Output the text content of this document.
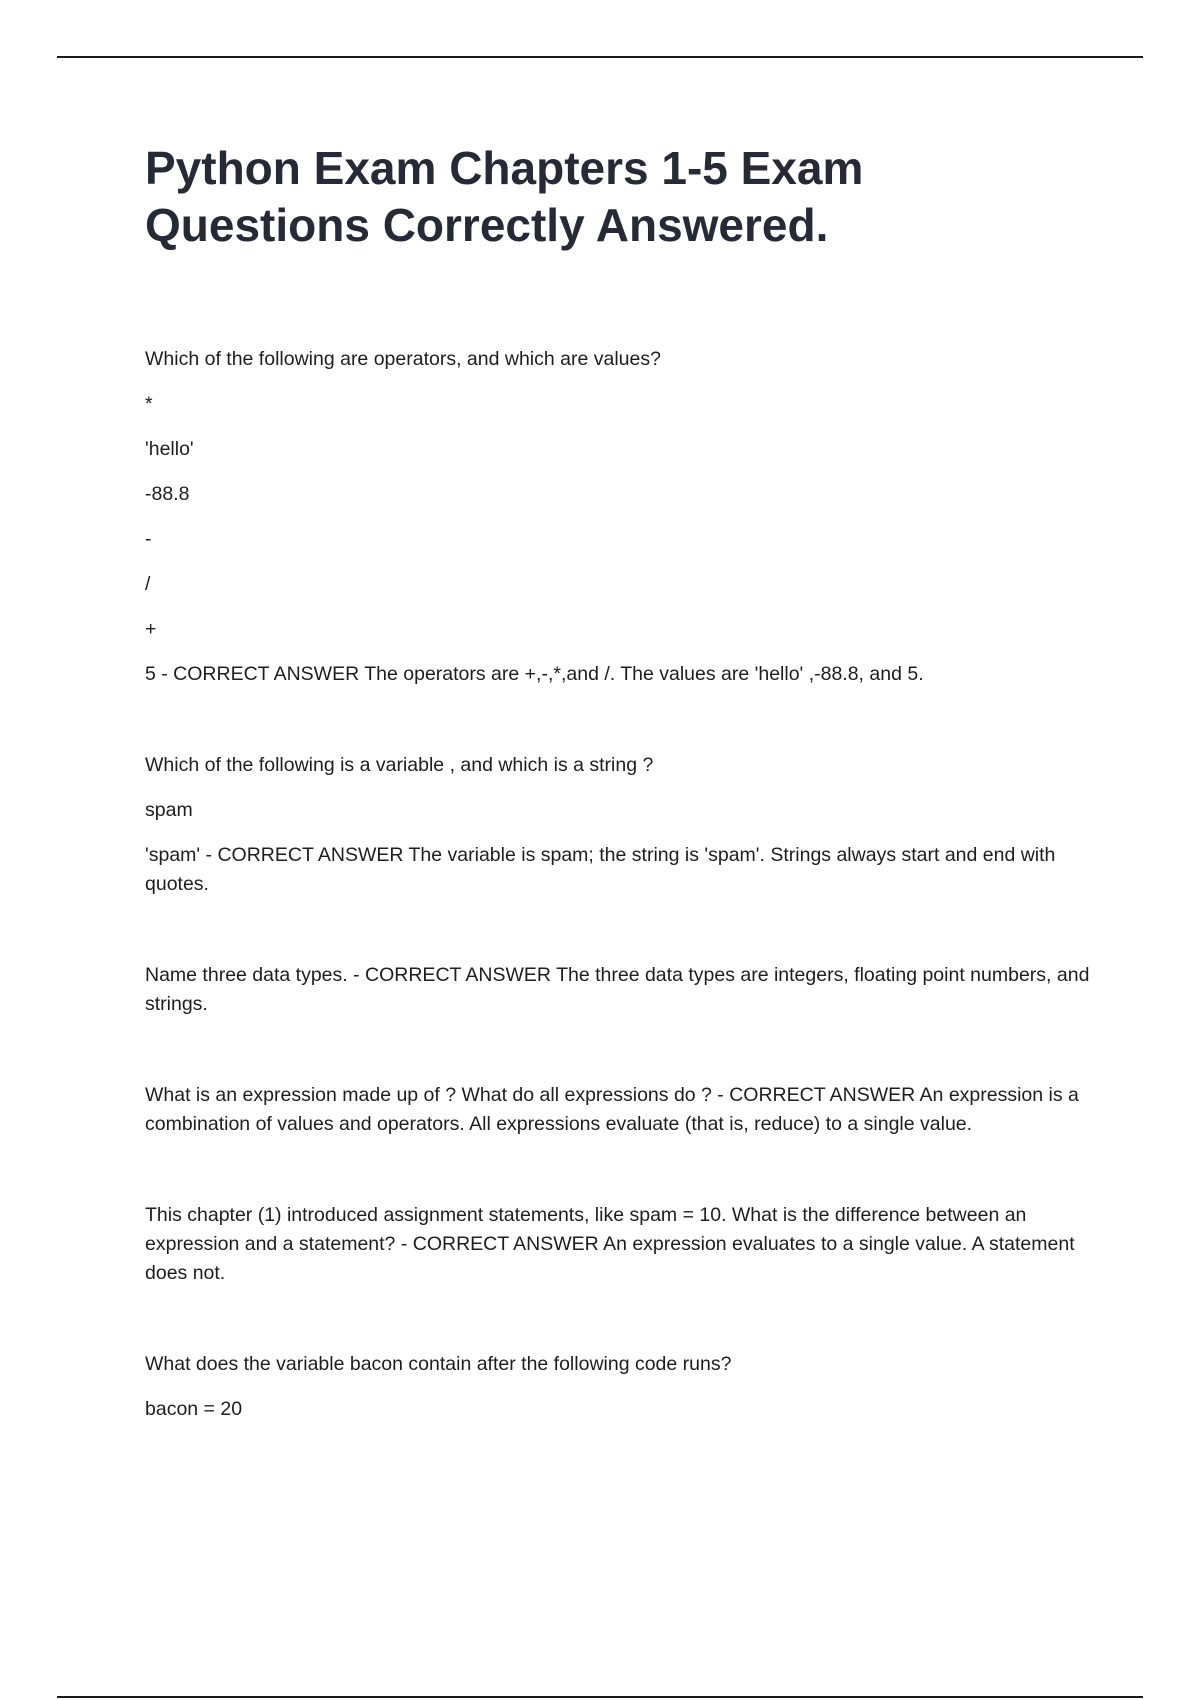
Python Exam Chapters 1-5 Exam
Questions Correctly Answered.

Which of the following are operators, and which are values?

*

'hello'

-88.8

-

/

+

5 - CORRECT ANSWER The operators are +,-,*,and /. The values are 'hello' ,-88.8, and 5.

Which of the following is a variable , and which is a string ?

spam

'spam' - CORRECT ANSWER The variable is spam; the string is 'spam'. Strings always start and end with quotes.

Name three data types. - CORRECT ANSWER The three data types are integers, floating point numbers, and strings.

What is an expression made up of ? What do all expressions do ? - CORRECT ANSWER An expression is a combination of values and operators. All expressions evaluate (that is, reduce) to a single value.

This chapter (1) introduced assignment statements, like spam = 10. What is the difference between an expression and a statement? - CORRECT ANSWER An expression evaluates to a single value. A statement does not.

What does the variable bacon contain after the following code runs?

bacon = 20
